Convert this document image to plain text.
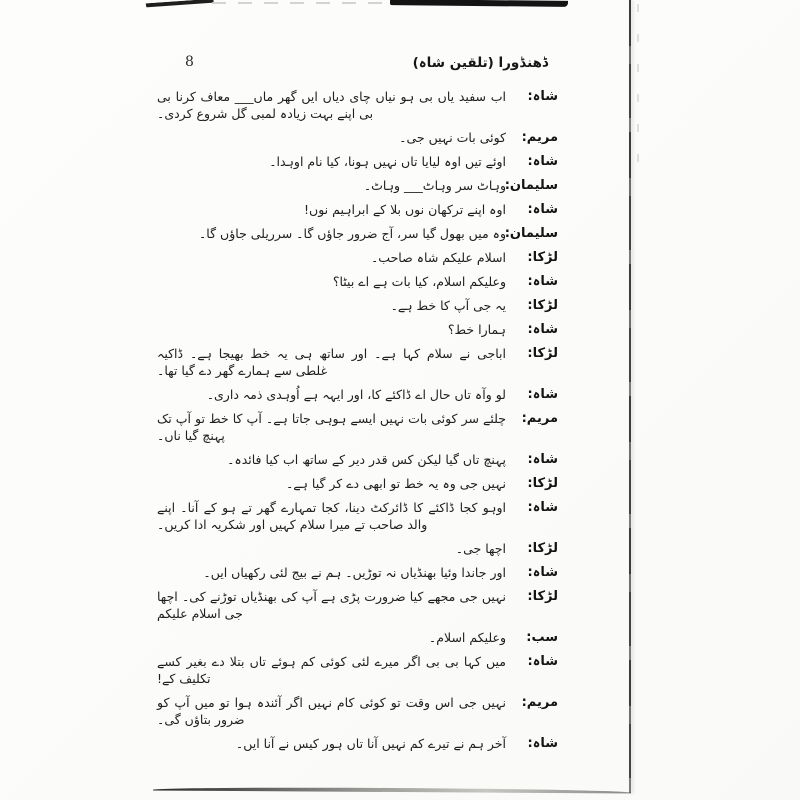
8	ڈھنڈورا (تلقین شاہ)
شاہ:
اب سفید یاں بی ہو نیاں چای دیاں ایں گھر ماں___ معاف کرنا بی بی اپنے بہت زیادہ لمبی گل شروع کردی۔
مریم:
کوئی بات نہیں جی۔
شاہ:
اوئے تیں اوہ لیایا تاں نہیں ہونا، کیا نام اوہدا۔
سلیمان:
وہاٹ سر وہاٹ___ وہاٹ۔
شاہ:
اوہ اپنے ترکھان نوں بلا کے ابراہیم نوں!
سلیمان:
وہ میں بھول گیا سر، آج ضرور جاؤں گا۔ سرریلی جاؤں گا۔
لڑکا:
اسلام علیکم شاہ صاحب۔
شاہ:
وعلیکم اسلام، کیا بات ہے اے بیٹا؟
لڑکا:
یہ جی آپ کا خط ہے۔
شاہ:
ہمارا خط؟
لڑکا:
اباجی نے سلام کہا ہے۔ اور ساتھ ہی یہ خط بھیجا ہے۔ ڈاکیہ غلطی سے ہمارے گھر دے گیا تھا۔
شاہ:
لو وآہ تاں حال اے ڈاکئے کا، اور ایہہ ہے اُوہدی ذمہ داری۔
مریم:
چلئے سر کوئی بات نہیں ایسے ہوہی جاتا ہے۔ آپ کا خط تو آپ تک پہنچ گیا ناں۔
شاہ:
پہنچ تاں گیا لیکن کس قدر دیر کے ساتھ اب کیا فائدہ۔
لڑکا:
نہیں جی وہ یہ خط تو ابھی دے کر گیا ہے۔
شاہ:
اوہو کجا ڈاکئے کا ڈائرکٹ دینا، کجا تمہارے گھر تے ہو کے آنا۔ اپنے والد صاحب تے میرا سلام کہیں اور شکریہ ادا کریں۔
لڑکا:
اچھا جی۔
شاہ:
اور جاندا وئیا بھنڈیاں نہ توڑیں۔ ہم نے بیج لئی رکھیاں ایں۔
لڑکا:
نہیں جی مجھے کیا ضرورت پڑی ہے آپ کی بھنڈیاں توڑنے کی۔ اچھا جی اسلام علیکم
سب:
وعلیکم اسلام۔
شاہ:
میں کہا بی بی اگر میرے لئی کوئی کم ہوئے تاں بتلا دے بغیر کسے تکلیف کے!
مریم:
نہیں جی اس وقت تو کوئی کام نہیں اگر آئندہ ہوا تو میں آپ کو ضرور بتاؤں گی۔
شاہ:
آخر ہم نے تیرے کم نہیں آنا تاں ہور کیس نے آنا ایں۔
